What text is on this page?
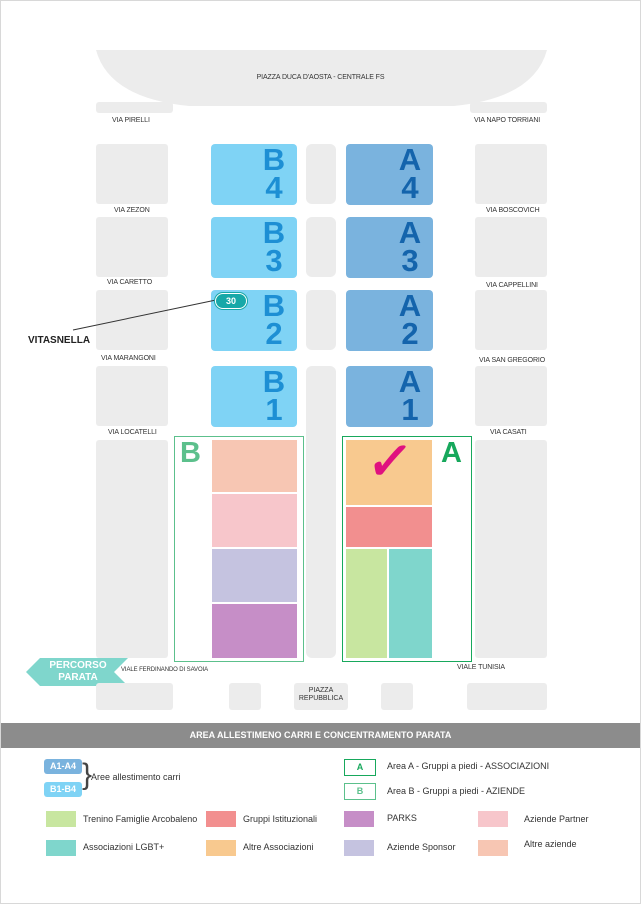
PIAZZA DUCA D'AOSTA - CENTRALE FS
VIA PIRELLI	VIA NAPO TORRIANI
VIA ZEZON	VIA BOSCOVICH
VIA CARETTO	VIA CAPPELLINI
VIA MARANGONI	VIA SAN GREGORIO
VIA LOCATELLI	VIA CASATI
VIALE FERDINANDO DI SAVOIA	VIALE TUNISIA
B
4
B
3
B
2
B
1
A
4
A
3
A
2
A
1
30
VITASNELLA
B	A
✓
PERCORSO
PARATA
PIAZZA
REPUBBLICA
AREA ALLESTIMENO CARRI E CONCENTRAMENTO PARATA
A1-A4
B1-B4 }
Aree allestimento carri
A	Area A - Gruppi a piedi - ASSOCIAZIONI
B	Area B - Gruppi a piedi - AZIENDE
Trenino Famiglie Arcobaleno	Gruppi Istituzionali	PARKS	Aziende Partner
Associazioni LGBT+	Altre Associazioni	Aziende Sponsor	Altre aziende
